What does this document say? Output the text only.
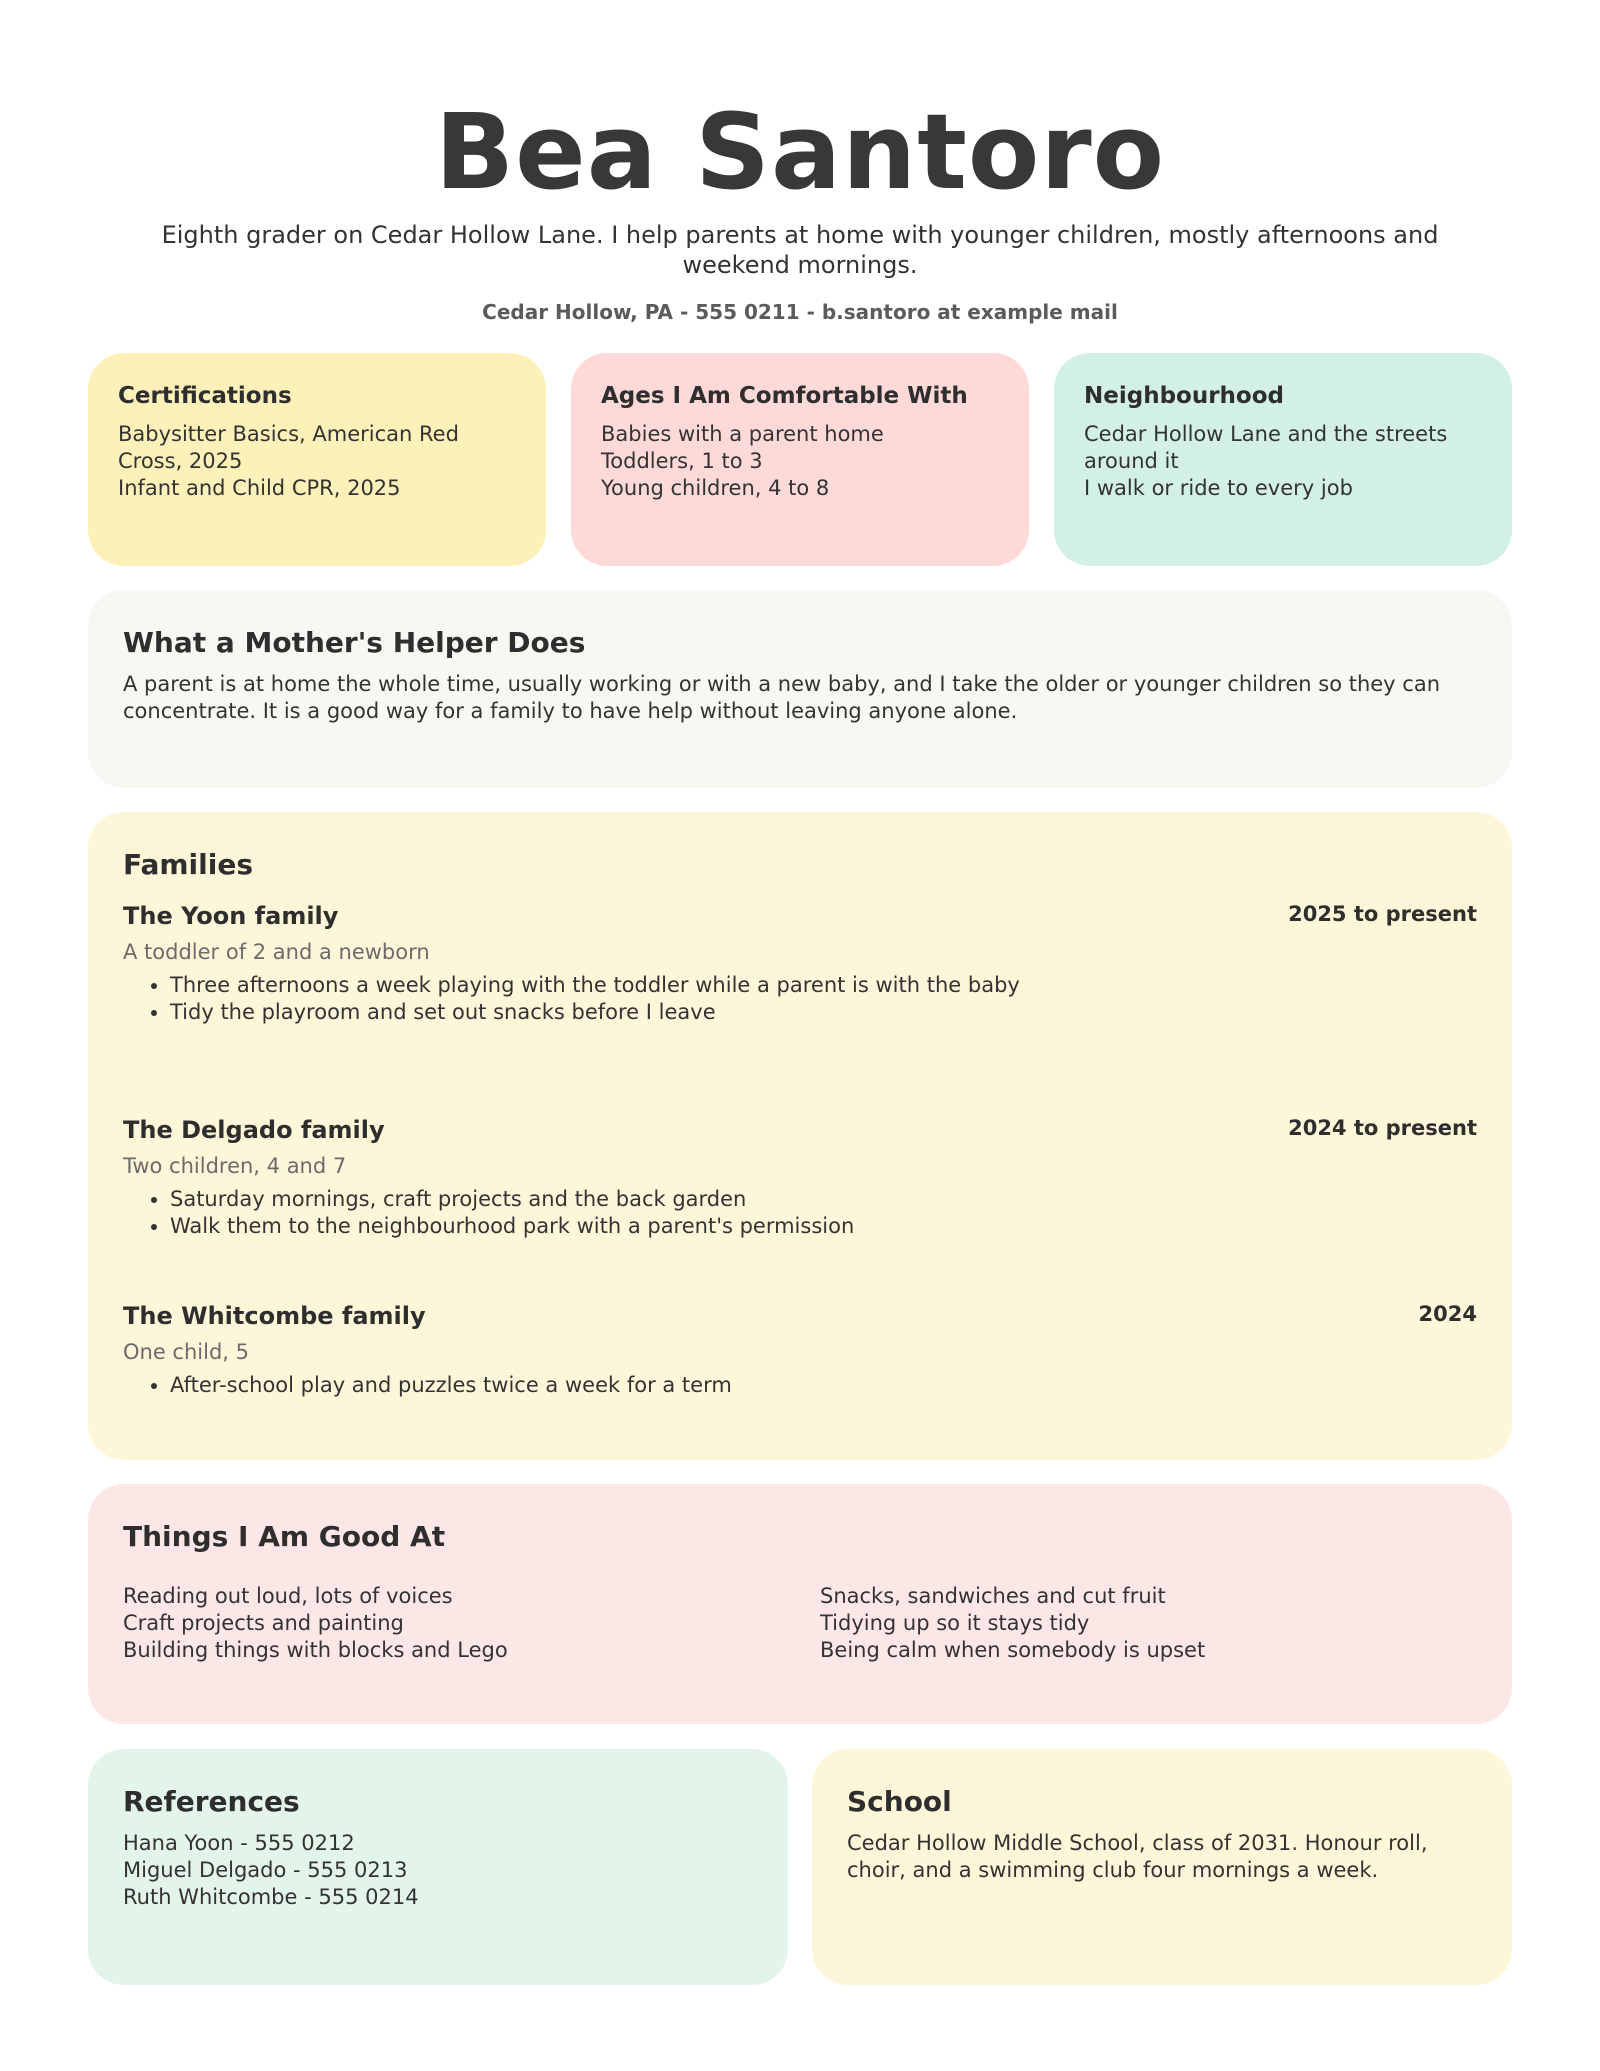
Bea Santoro
Eighth grader on Cedar Hollow Lane. I help parents at home with younger children, mostly afternoons and weekend mornings.
Cedar Hollow, PA - 555 0211 - b.santoro at example mail
Certifications
Babysitter Basics, American Red
Cross, 2025
Infant and Child CPR, 2025
Ages I Am Comfortable With
Babies with a parent home
Toddlers, 1 to 3
Young children, 4 to 8
Neighbourhood
Cedar Hollow Lane and the streets
around it
I walk or ride to every job
What a Mother's Helper Does
A parent is at home the whole time, usually working or with a new baby, and I take the older or younger children so they can concentrate. It is a good way for a family to have help without leaving anyone alone.
Families
The Yoon family	2025 to present
A toddler of 2 and a newborn
• Three afternoons a week playing with the toddler while a parent is with the baby
• Tidy the playroom and set out snacks before I leave
The Delgado family	2024 to present
Two children, 4 and 7
• Saturday mornings, craft projects and the back garden
• Walk them to the neighbourhood park with a parent's permission
The Whitcombe family	2024
One child, 5
• After-school play and puzzles twice a week for a term
Things I Am Good At
Reading out loud, lots of voices
Craft projects and painting
Building things with blocks and Lego
Snacks, sandwiches and cut fruit
Tidying up so it stays tidy
Being calm when somebody is upset
References
Hana Yoon - 555 0212
Miguel Delgado - 555 0213
Ruth Whitcombe - 555 0214
School
Cedar Hollow Middle School, class of 2031. Honour roll, choir, and a swimming club four mornings a week.
